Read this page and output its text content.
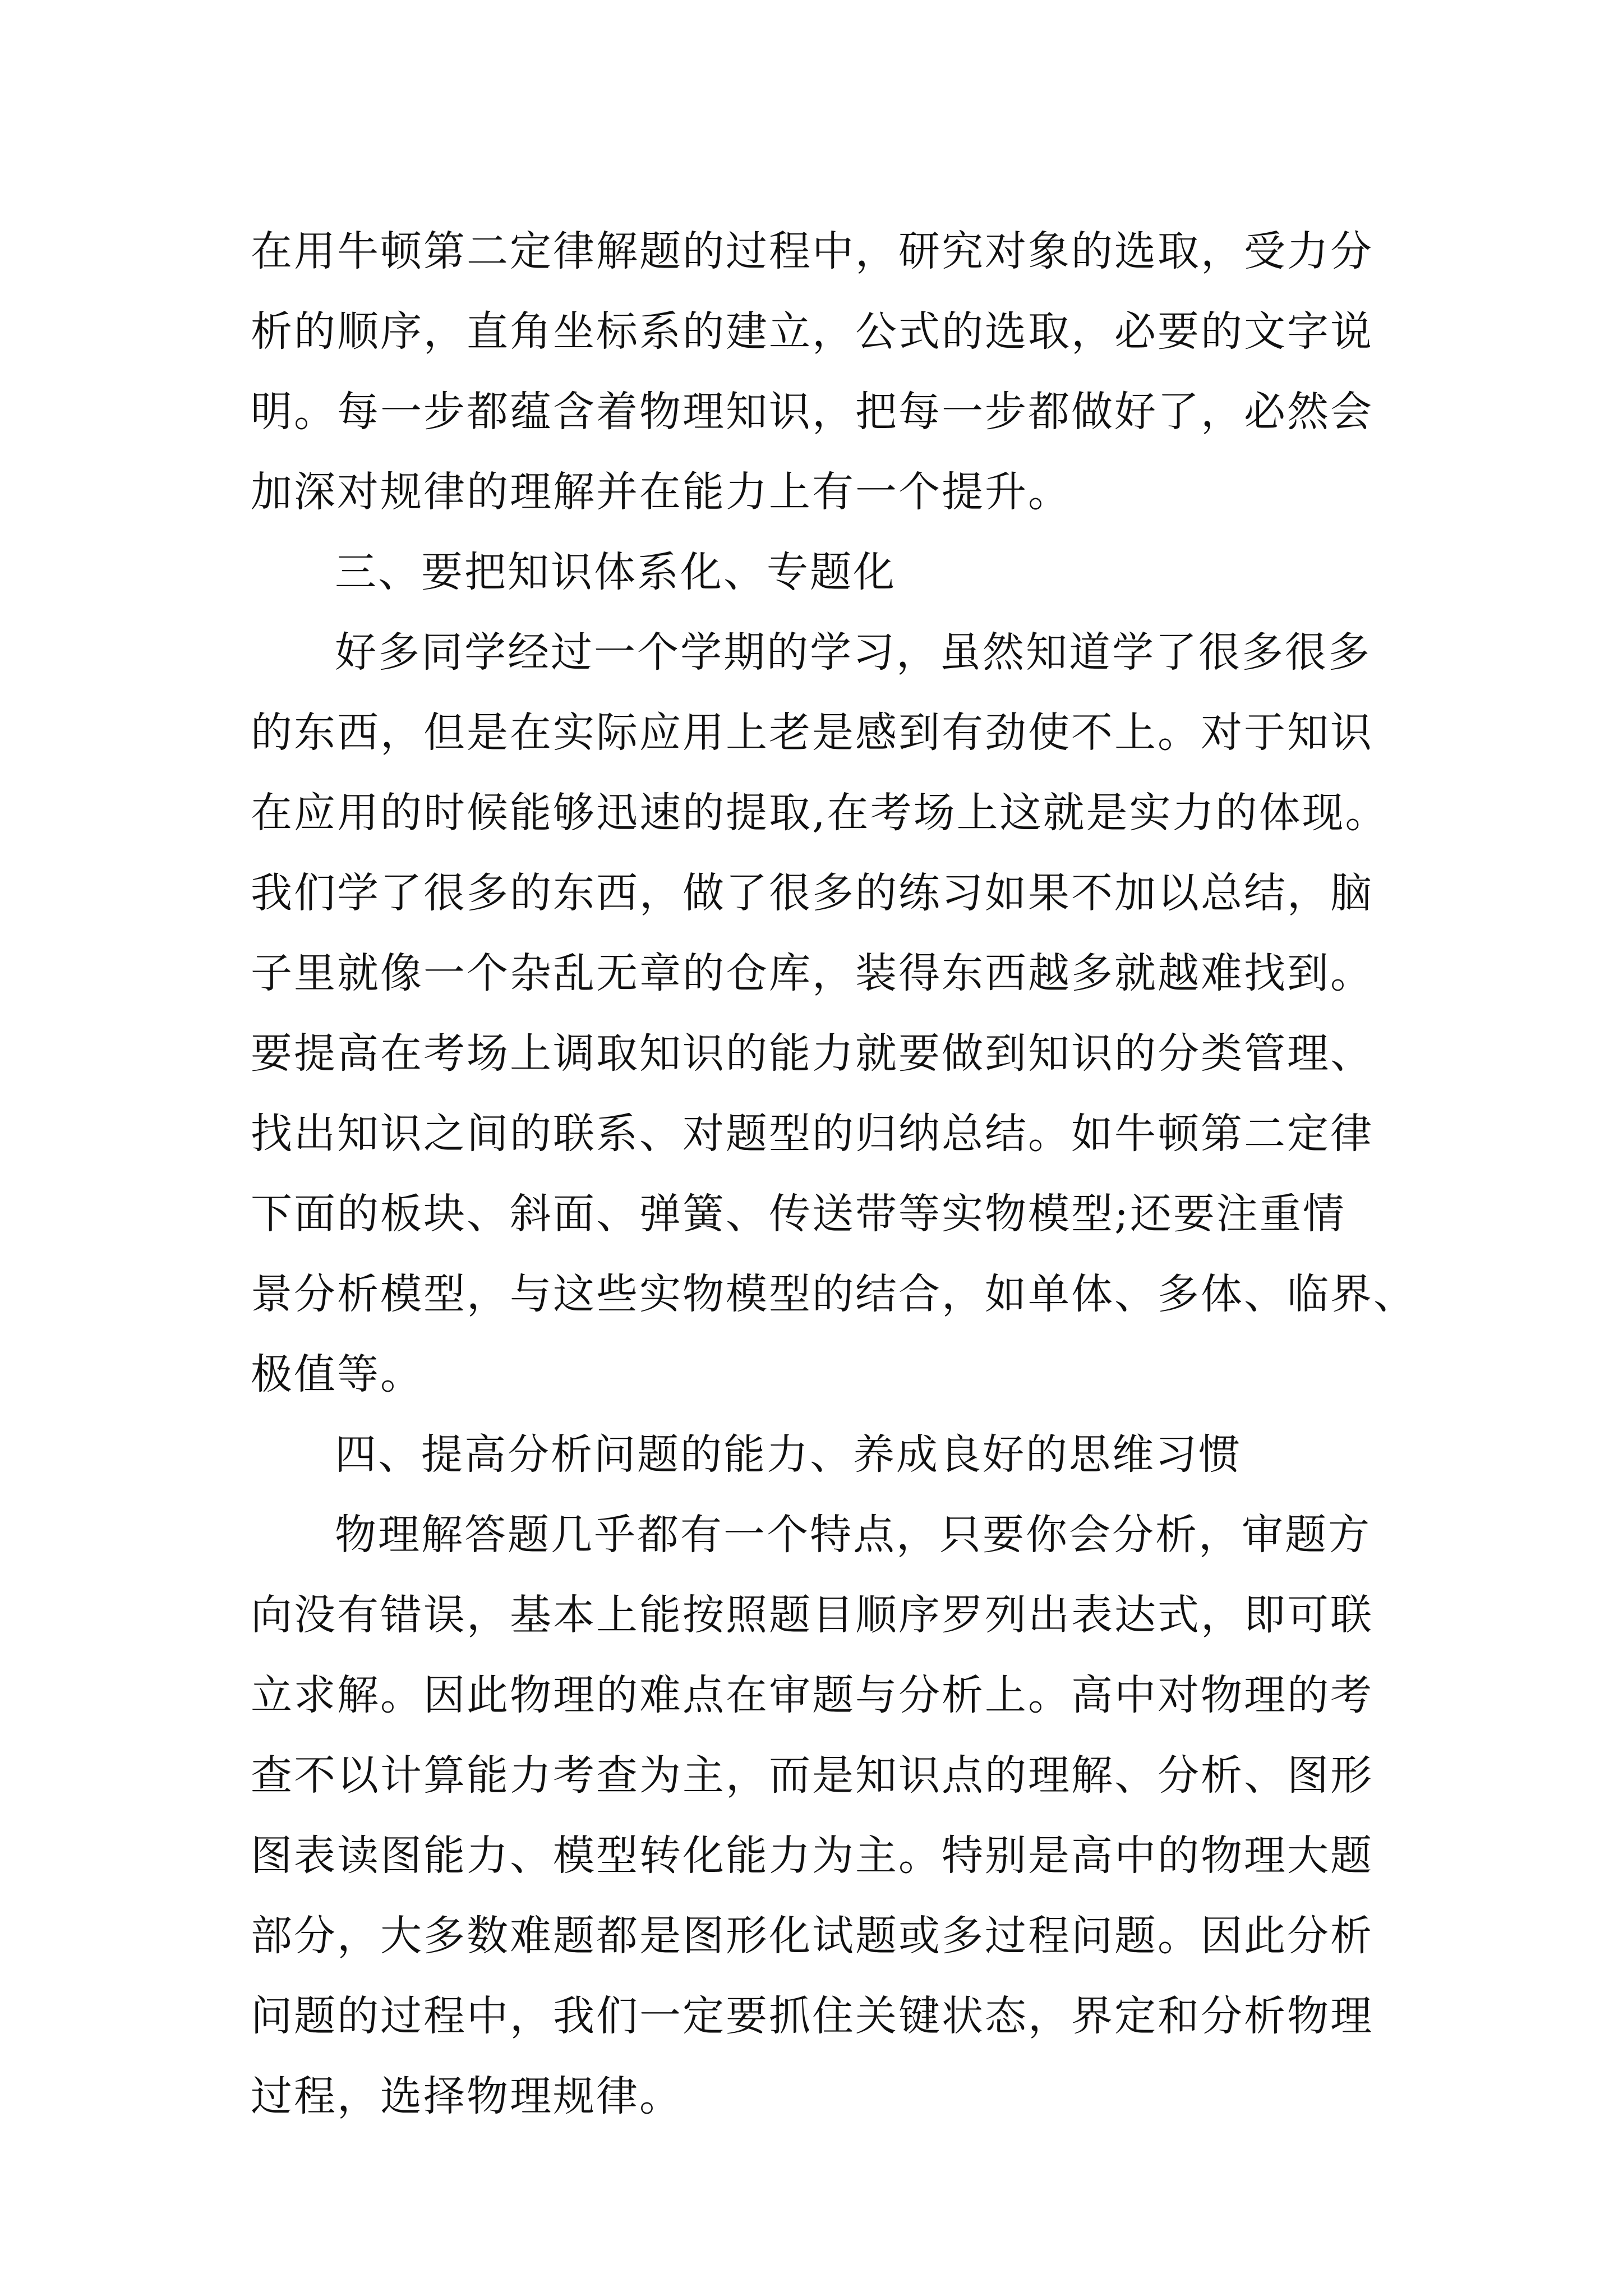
在用牛顿第二定律解题的过程中，研究对象的选取，受力分
析的顺序，直角坐标系的建立，公式的选取，必要的文字说
明。每一步都蕴含着物理知识，把每一步都做好了，必然会
加深对规律的理解并在能力上有一个提升。
三、要把知识体系化、专题化
好多同学经过一个学期的学习，虽然知道学了很多很多
的东西，但是在实际应用上老是感到有劲使不上。对于知识
在应用的时候能够迅速的提取,在考场上这就是实力的体现。
我们学了很多的东西，做了很多的练习如果不加以总结，脑
子里就像一个杂乱无章的仓库，装得东西越多就越难找到。
要提高在考场上调取知识的能力就要做到知识的分类管理、
找出知识之间的联系、对题型的归纳总结。如牛顿第二定律
下面的板块、斜面、弹簧、传送带等实物模型;还要注重情
景分析模型，与这些实物模型的结合，如单体、多体、临界、
极值等。
四、提高分析问题的能力、养成良好的思维习惯
物理解答题几乎都有一个特点，只要你会分析，审题方
向没有错误，基本上能按照题目顺序罗列出表达式，即可联
立求解。因此物理的难点在审题与分析上。高中对物理的考
查不以计算能力考查为主，而是知识点的理解、分析、图形
图表读图能力、模型转化能力为主。特别是高中的物理大题
部分，大多数难题都是图形化试题或多过程问题。因此分析
问题的过程中，我们一定要抓住关键状态，界定和分析物理
过程，选择物理规律。
